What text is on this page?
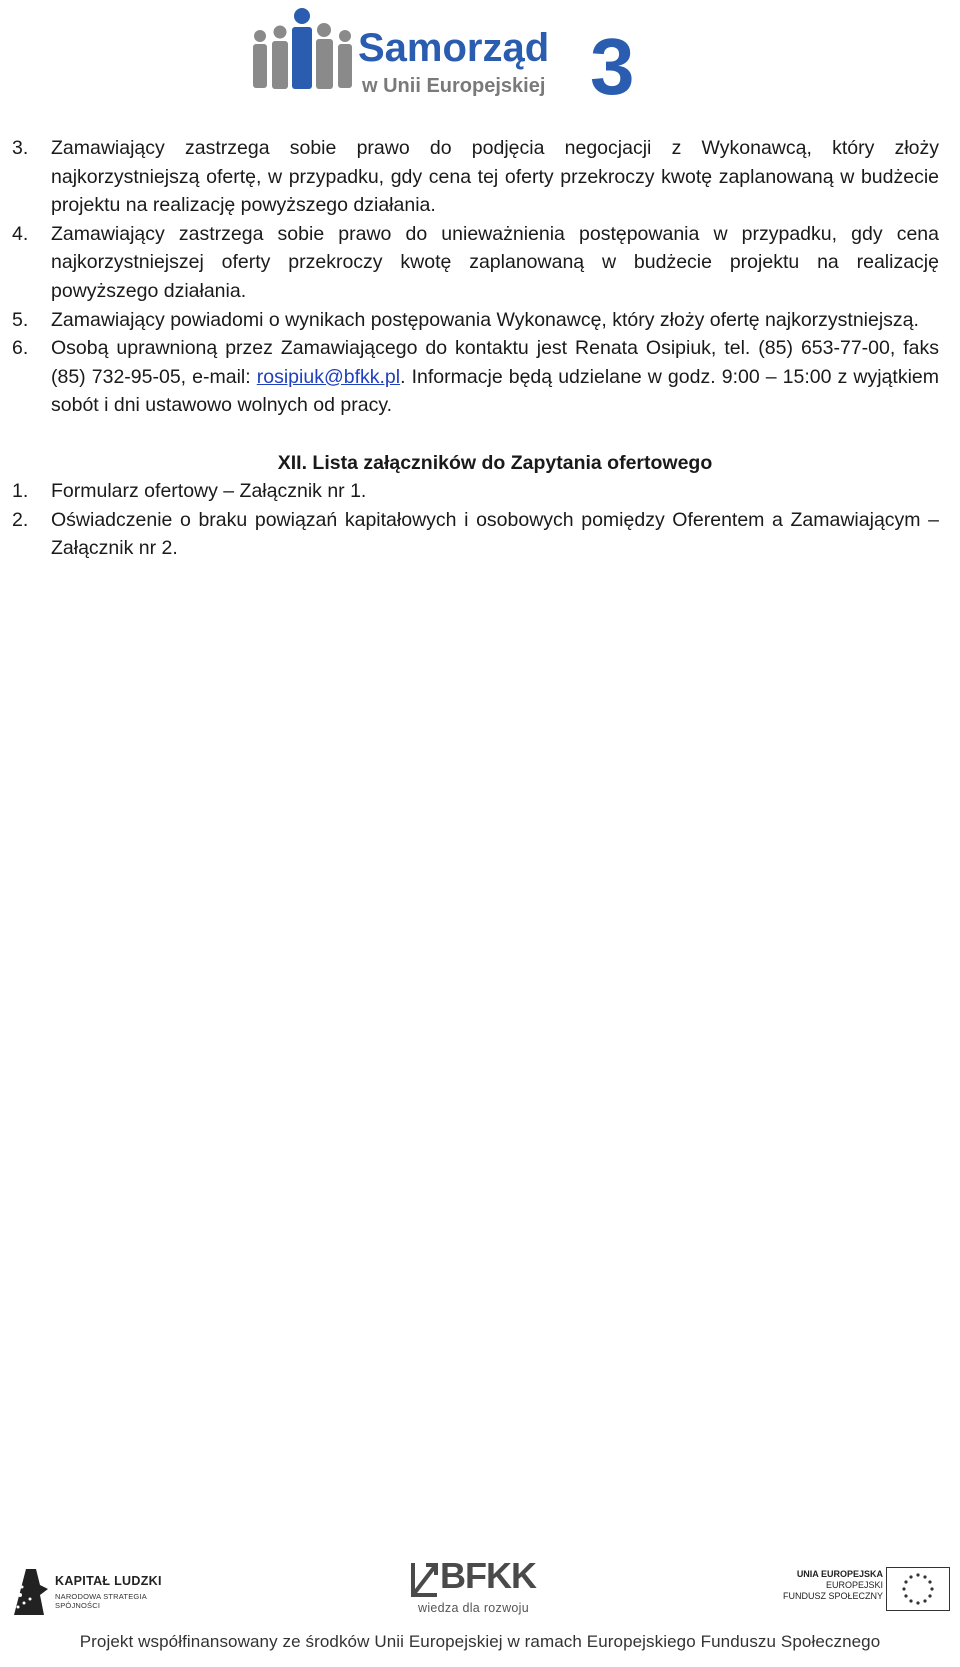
Samorząd
w Unii Europejskiej 3
3. Zamawiający zastrzega sobie prawo do podjęcia negocjacji z Wykonawcą, który złoży najkorzystniejszą ofertę, w przypadku, gdy cena tej oferty przekroczy kwotę zaplanowaną w budżecie projektu na realizację powyższego działania.
4. Zamawiający zastrzega sobie prawo do unieważnienia postępowania w przypadku, gdy cena najkorzystniejszej oferty przekroczy kwotę zaplanowaną w budżecie projektu na realizację powyższego działania.
5. Zamawiający powiadomi o wynikach postępowania Wykonawcę, który złoży ofertę najkorzystniejszą.
6. Osobą uprawnioną przez Zamawiającego do kontaktu jest Renata Osipiuk, tel. (85) 653-77-00, faks (85) 732-95-05, e-mail: rosipiuk@bfkk.pl. Informacje będą udzielane w godz. 9:00 – 15:00 z wyjątkiem sobót i dni ustawowo wolnych od pracy.
XII. Lista załączników do Zapytania ofertowego
1. Formularz ofertowy – Załącznik nr 1.
2. Oświadczenie o braku powiązań kapitałowych i osobowych pomiędzy Oferentem a Zamawiającym – Załącznik nr 2.
KAPITAŁ LUDZKI
NARODOWA STRATEGIA SPÓJNOŚCI
BFKK
wiedza dla rozwoju
UNIA EUROPEJSKA
EUROPEJSKI
FUNDUSZ SPOŁECZNY
Projekt współfinansowany ze środków Unii Europejskiej w ramach Europejskiego Funduszu Społecznego
